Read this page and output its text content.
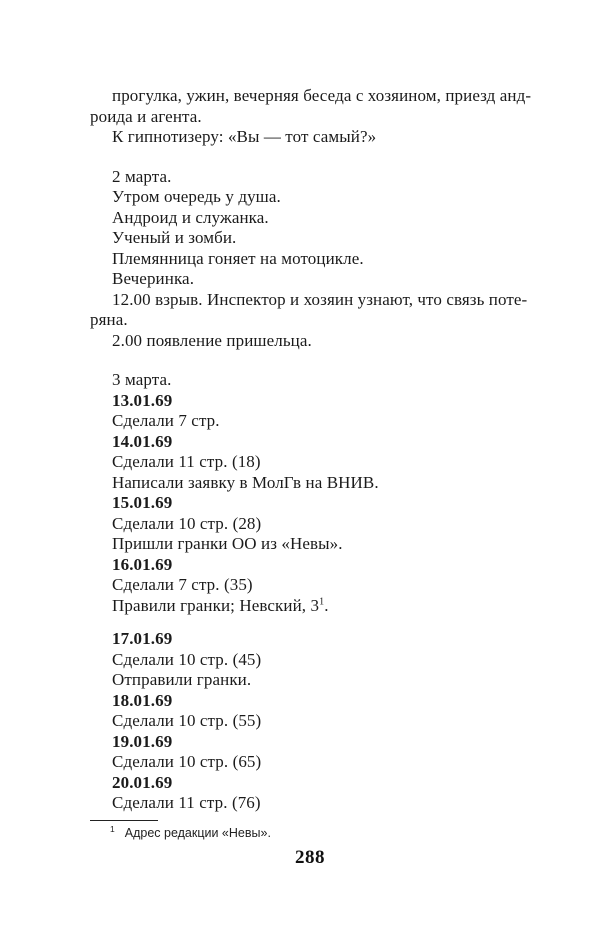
прогулка, ужин, вечерняя беседа с хозяином, приезд анд-
роида и агента.
К гипнотизеру: «Вы — тот самый?»
2 марта.
Утром очередь у душа.
Андроид и служанка.
Ученый и зомби.
Племянница гоняет на мотоцикле.
Вечеринка.
12.00 взрыв. Инспектор и хозяин узнают, что связь поте-
ряна.
2.00 появление пришельца.
3 марта.
13.01.69
Сделали 7 стр.
14.01.69
Сделали 11 стр. (18)
Написали заявку в МолГв на ВНИВ.
15.01.69
Сделали 10 стр. (28)
Пришли гранки ОО из «Невы».
16.01.69
Сделали 7 стр. (35)
Правили гранки; Невский, $3^1$.
17.01.69
Сделали 10 стр. (45)
Отправили гранки.
18.01.69
Сделали 10 стр. (55)
19.01.69
Сделали 10 стр. (65)
20.01.69
Сделали 11 стр. (76)
$^1$ Адрес редакции «Невы».
288
